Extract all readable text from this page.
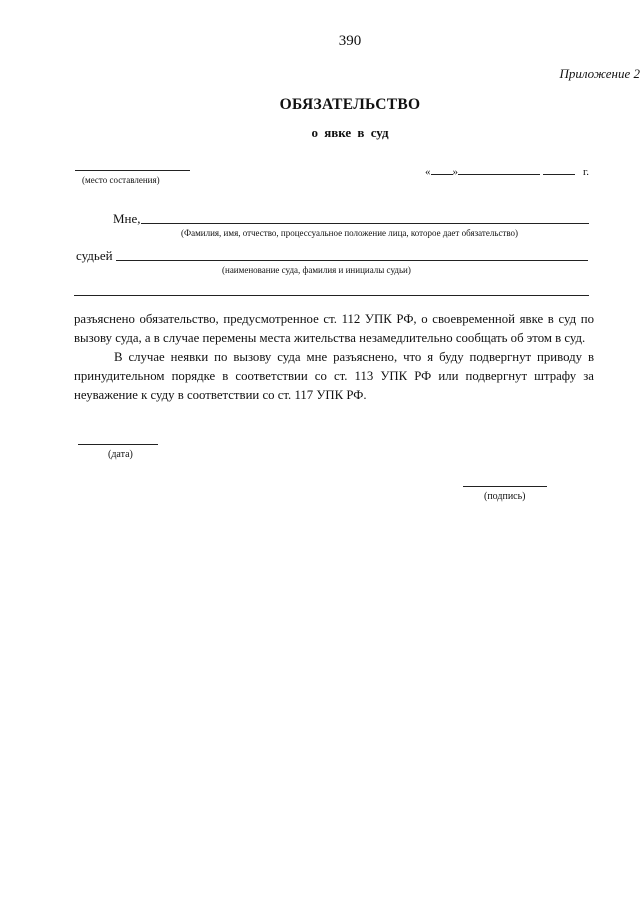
390
Приложение 2
ОБЯЗАТЕЛЬСТВО
о явке в суд
(место составления)
« »	г.
Мне,
(Фамилия, имя, отчество, процессуальное положение лица, которое дает обязательство)
судьей
(наименование суда, фамилия и инициалы судьи)
разъяснено обязательство, предусмотренное ст. 112 УПК РФ, о своевременной явке в суд по вызову суда, а в случае перемены места жительства незамедлительно сообщать об этом в суд.
В случае неявки по вызову суда мне разъяснено, что я буду подвергнут приводу в принудительном порядке в соответствии со ст. 113 УПК РФ или подвергнут штрафу за неуважение к суду в соответствии со ст. 117 УПК РФ.
(дата)
(подпись)
